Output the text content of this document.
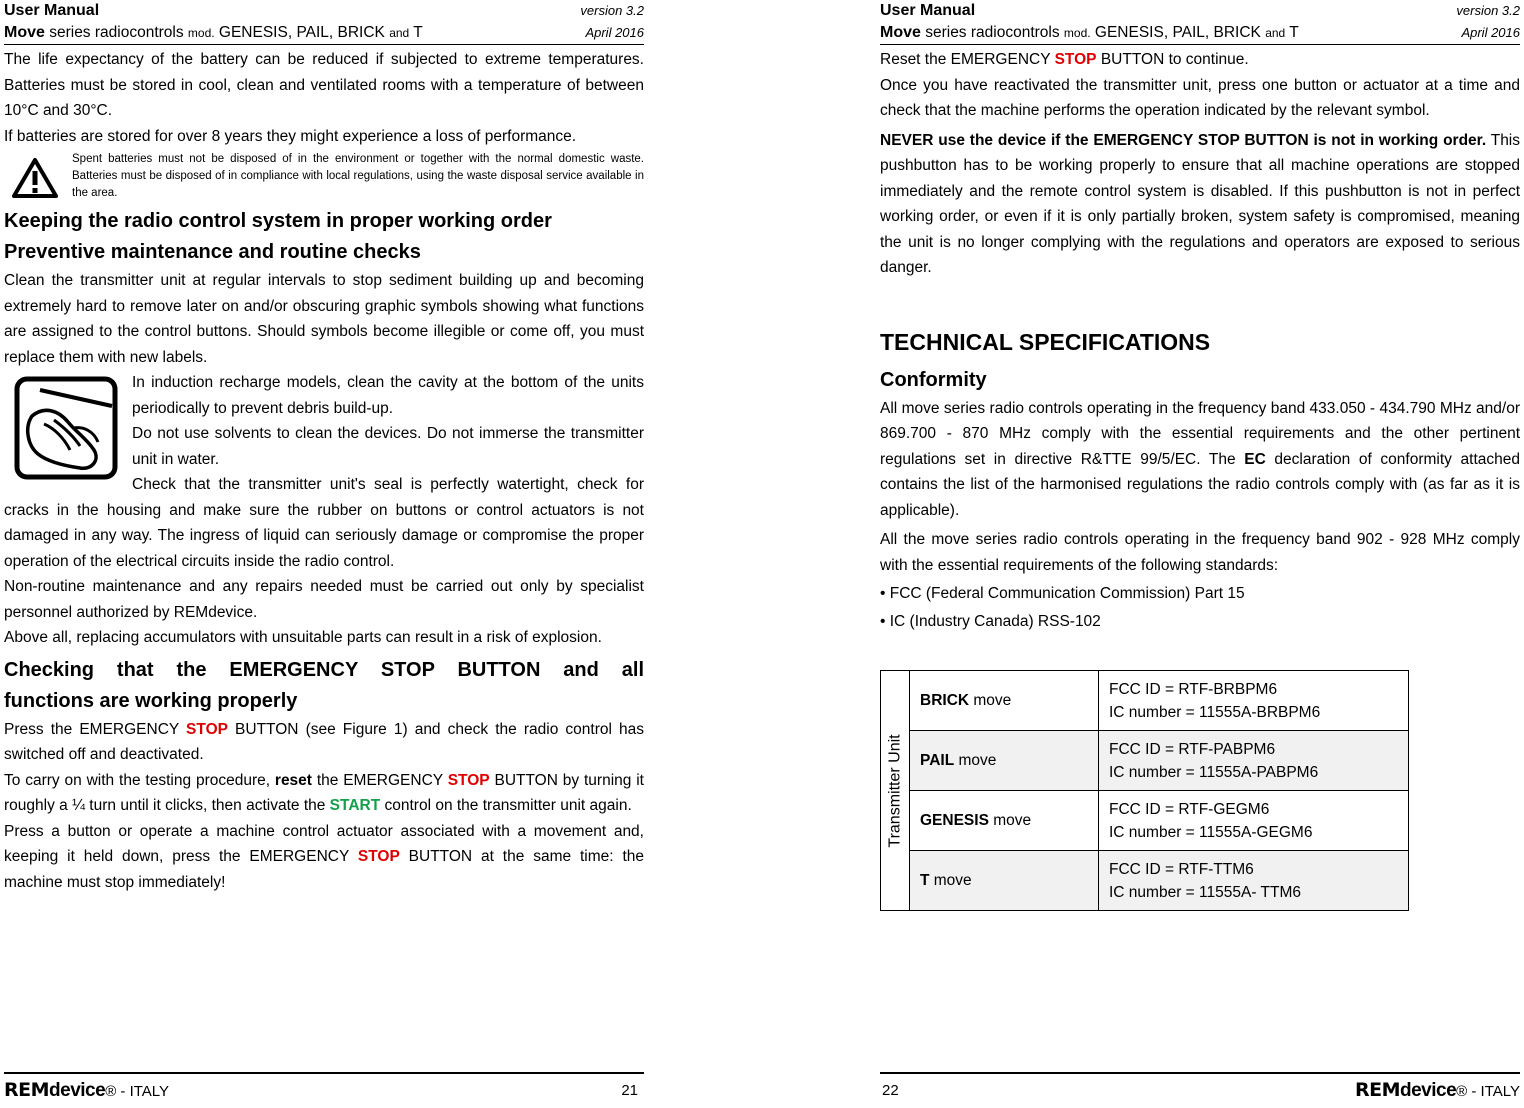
User Manual	version 3.2
Move series radiocontrols mod. GENESIS, PAIL, BRICK and T	April 2016

The life expectancy of the battery can be reduced if subjected to extreme temperatures. Batteries must be stored in cool, clean and ventilated rooms with a temperature of between 10°C and 30°C.

If batteries are stored for over 8 years they might experience a loss of performance.

Spent batteries must not be disposed of in the environment or together with the normal domestic waste. Batteries must be disposed of in compliance with local regulations, using the waste disposal service available in the area.

Keeping the radio control system in proper working order
Preventive maintenance and routine checks

Clean the transmitter unit at regular intervals to stop sediment building up and becoming extremely hard to remove later on and/or obscuring graphic symbols showing what functions are assigned to the control buttons. Should symbols become illegible or come off, you must replace them with new labels.

In induction recharge models, clean the cavity at the bottom of the units periodically to prevent debris build-up.

Do not use solvents to clean the devices. Do not immerse the transmitter unit in water.

Check that the transmitter unit's seal is perfectly watertight, check for cracks in the housing and make sure the rubber on buttons or control actuators is not damaged in any way. The ingress of liquid can seriously damage or compromise the proper operation of the electrical circuits inside the radio control.

Non-routine maintenance and any repairs needed must be carried out only by specialist personnel authorized by REMdevice.

Above all, replacing accumulators with unsuitable parts can result in a risk of explosion.

Checking that the EMERGENCY STOP BUTTON and all
functions are working properly

Press the EMERGENCY STOP BUTTON (see Figure 1) and check the radio control has switched off and deactivated.

To carry on with the testing procedure, reset the EMERGENCY STOP BUTTON by turning it roughly a ¼ turn until it clicks, then activate the START control on the transmitter unit again.

Press a button or operate a machine control actuator associated with a movement and, keeping it held down, press the EMERGENCY STOP BUTTON at the same time: the machine must stop immediately!

REMdevice® - ITALY	21
User Manual	version 3.2
Move series radiocontrols mod. GENESIS, PAIL, BRICK and T	April 2016

Reset the EMERGENCY STOP BUTTON to continue.

Once you have reactivated the transmitter unit, press one button or actuator at a time and check that the machine performs the operation indicated by the relevant symbol.

NEVER use the device if the EMERGENCY STOP BUTTON is not in working order. This pushbutton has to be working properly to ensure that all machine operations are stopped immediately and the remote control system is disabled. If this pushbutton is not in perfect working order, or even if it is only partially broken, system safety is compromised, meaning the unit is no longer complying with the regulations and operators are exposed to serious danger.

TECHNICAL SPECIFICATIONS
Conformity

All move series radio controls operating in the frequency band 433.050 - 434.790 MHz and/or 869.700 - 870 MHz comply with the essential requirements and the other pertinent regulations set in directive R&TTE 99/5/EC. The EC declaration of conformity attached contains the list of the harmonised regulations the radio controls comply with (as far as it is applicable).

All the move series radio controls operating in the frequency band 902 - 928 MHz comply with the essential requirements of the following standards:

• FCC (Federal Communication Commission) Part 15
• IC (Industry Canada) RSS-102
Transmitter Unit	BRICK move	FCC ID = RTF-BRBPM6
IC number = 11555A-BRBPM6

	PAIL move	FCC ID = RTF-PABPM6
IC number = 11555A-PABPM6

	GENESIS move	FCC ID = RTF-GEGM6
IC number = 11555A-GEGM6

	T move	FCC ID = RTF-TTM6
IC number = 11555A- TTM6
22	REMdevice® - ITALY
